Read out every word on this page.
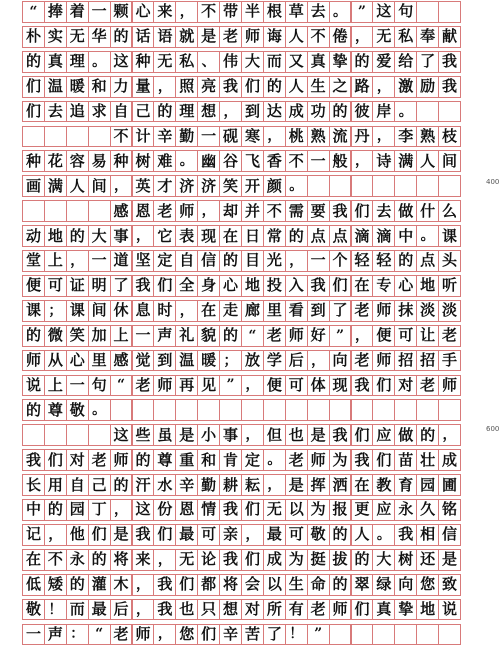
“ 捧 着 一 颗 心 来 ， 不 带 半 根 草 去 。 ” 这 句
朴 实 无 华 的 话 语 就 是 老 师 诲 人 不 倦 ， 无 私 奉 献
的 真 理 。 这 种 无 私 、 伟 大 而 又 真 挚 的 爱 给 了 我
们 温 暖 和 力 量 ， 照 亮 我 们 的 人 生 之 路 ， 激 励 我
们 去 追 求 自 己 的 理 想 ， 到 达 成 功 的 彼 岸 。
不 计 辛 勤 一 砚 寒 ， 桃 熟 流 丹 ， 李 熟 枝
种 花 容 易 种 树 难 。 幽 谷 飞 香 不 一 般 ， 诗 满 人 间
画 满 人 间 ， 英 才 济 济 笑 开 颜 。
感 恩 老 师 ， 却 并 不 需 要 我 们 去 做 什 么
动 地 的 大 事 ， 它 表 现 在 日 常 的 点 点 滴 滴 中 。 课
堂 上 ， 一 道 坚 定 自 信 的 目 光 ， 一 个 轻 轻 的 点 头
便 可 证 明 了 我 们 全 身 心 地 投 入 我 们 在 专 心 地 听
课 ； 课 间 休 息 时 ， 在 走 廊 里 看 到 了 老 师 抹 淡 淡
的 微 笑 加 上 一 声 礼 貌 的 “ 老 师 好 ” ， 便 可 让 老
师 从 心 里 感 觉 到 温 暖 ； 放 学 后 ， 向 老 师 招 招 手
说 上 一 句 “ 老 师 再 见 ” ， 便 可 体 现 我 们 对 老 师
的 尊 敬 。
这 些 虽 是 小 事 ， 但 也 是 我 们 应 做 的 ，
我 们 对 老 师 的 尊 重 和 肯 定 。 老 师 为 我 们 苗 壮 成
长 用 自 己 的 汗 水 辛 勤 耕 耘 ， 是 挥 洒 在 教 育 园 圃
中 的 园 丁 ， 这 份 恩 情 我 们 无 以 为 报 更 应 永 久 铭
记 ， 他 们 是 我 们 最 可 亲 ， 最 可 敬 的 人 。 我 相 信
在 不 永 的 将 来 ， 无 论 我 们 成 为 挺 拔 的 大 树 还 是
低 矮 的 灌 木 ， 我 们 都 将 会 以 生 命 的 翠 绿 向 您 致
敬 ！ 而 最 后 ， 我 也 只 想 对 所 有 老 师 们 真 挚 地 说
一 声 ： “ 老 师 ， 您 们 辛 苦 了 ！ ”
400
600
